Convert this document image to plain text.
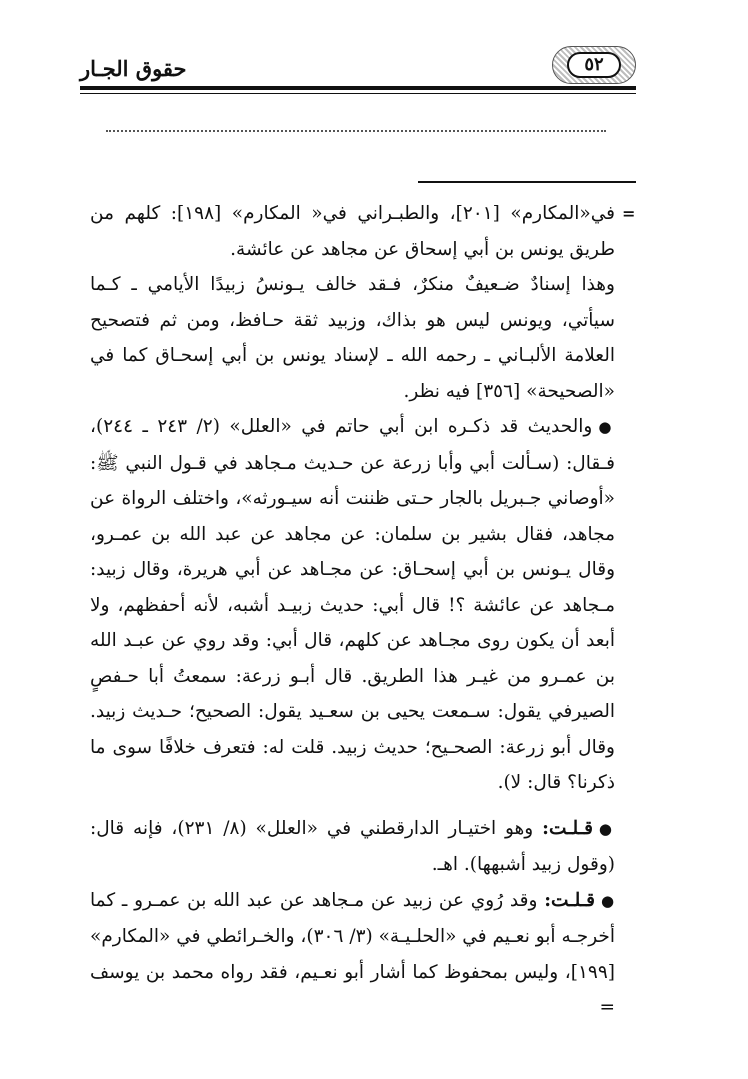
٥٢
حقوق الجـار
=

في«المكارم» [٢٠١]، والطبـراني في« المكارم» [١٩٨]: كلهم من طريق يونس بن أبي إسحاق عن مجاهد عن عائشة.

وهذا إسنادٌ ضـعيفٌ منكرٌ، فـقد خالف يـونسُ زبيدًا الأيامي ـ كـما سيأتي، ويونس ليس هو بذاك، وزبيد ثقة حـافظ، ومن ثم فتصحيح العلامة الألبـاني ـ رحمه الله ـ لإسناد يونس بن أبي إسحـاق كما في «الصحيحة» [٣٥٦] فيه نظر.

●والحديث قد ذكـره ابن أبي حاتم في «العلل» (٢/ ٢٤٣ ـ ٢٤٤)، فـقال: (سـألت أبي وأبا زرعة عن حـديث مـجاهد في قـول النبي ﷺ: «أوصاني جـبريل بالجار حـتى ظننت أنه سيـورثه»، واختلف الرواة عن مجاهد، فقال بشير بن سلمان: عن مجاهد عن عبد الله بن عمـرو، وقال يـونس بن أبي إسحـاق: عن مجـاهد عن أبي هريرة، وقال زبيد: مـجاهد عن عائشة ؟! قال أبي: حديث زبيـد أشبه، لأنه أحفظهم، ولا أبعد أن يكون روى مجـاهد عن كلهم، قال أبي: وقد روي عن عبـد الله بن عمـرو من غيـر هذا الطريق. قال أبـو زرعة: سمعتُ أبا حـفصٍ الصيرفي يقول: سـمعت يحيى بن سعـيد يقول: الصحيح؛ حـديث زبيد. وقال أبو زرعة: الصحـيح؛ حديث زبيد. قلت له: فتعرف خلافًا سوى ما ذكرنا؟ قال: لا).

●قـلـت: وهو اختيـار الدارقطني في «العلل» (٨/ ٢٣١)، فإنه قال: (وقول زبيد أشبهها). اهـ.

●قـلـت: وقد رُوي عن زبيد عن مـجاهد عن عبد الله بن عمـرو ـ كما أخرجـه أبو نعـيم في «الحلـيـة» (٣/ ٣٠٦)، والخـرائطي في «المكارم» [١٩٩]، وليس بمحفوظ كما أشار أبو نعـيم، فقد رواه محمد بن يوسف =
